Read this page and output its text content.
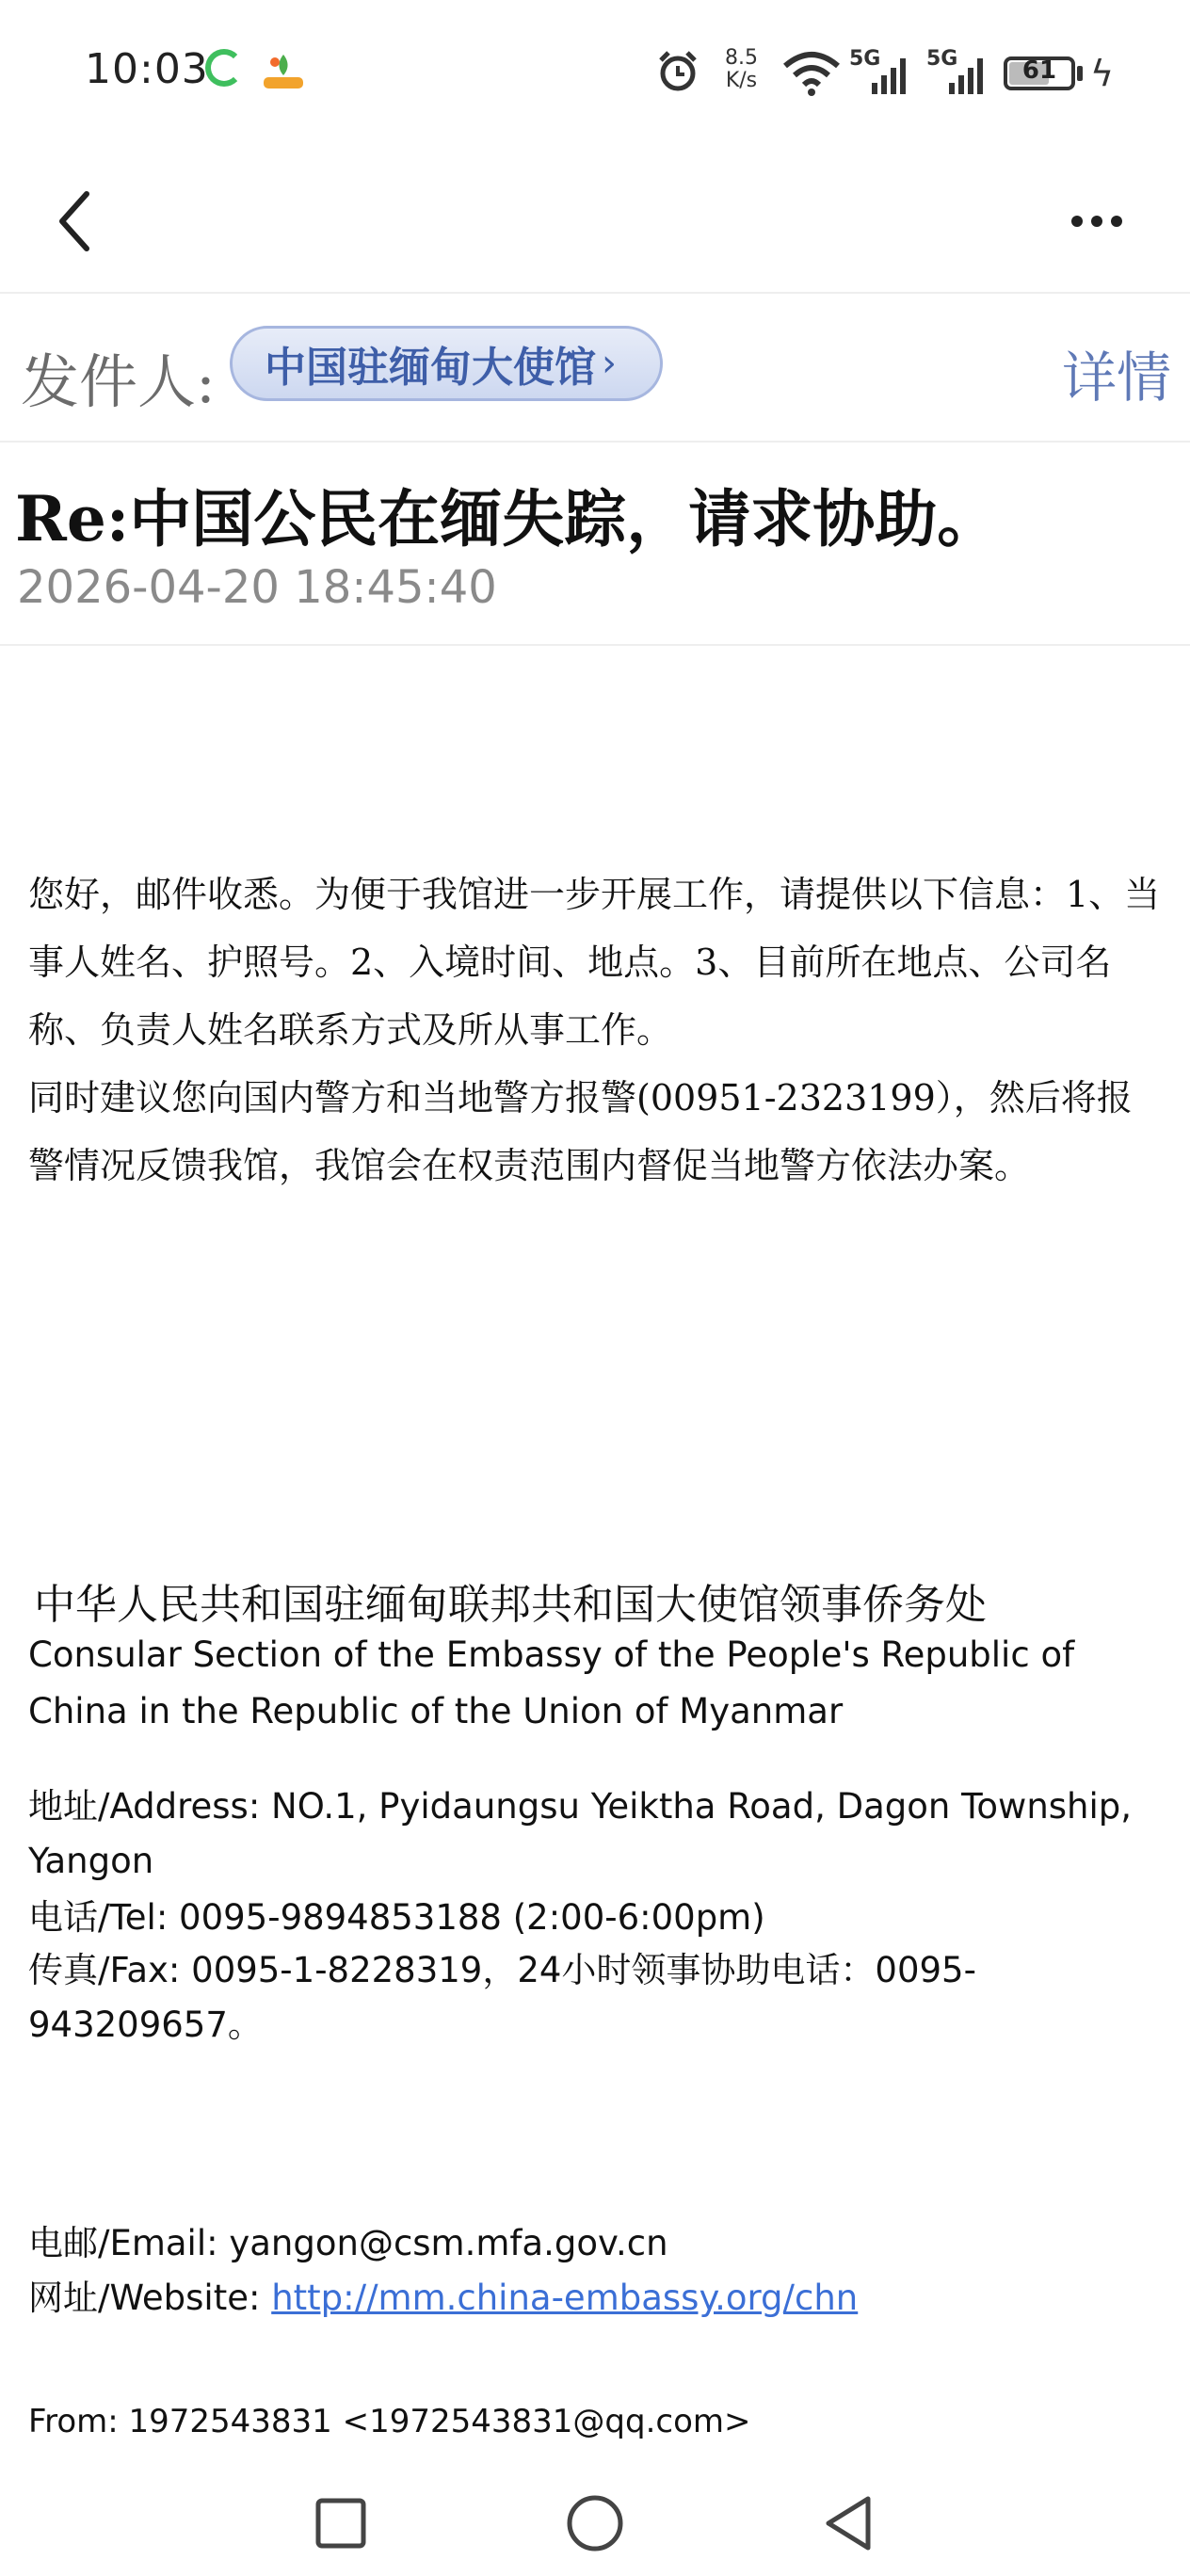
10:03	8.5
K/s
5G 5G	61 ϟ
发件人: 中国驻缅甸大使馆 ›	详情
Re:中国公民在缅失踪，请求协助。
2026-04-20 18:45:40
您好，邮件收悉。为便于我馆进一步开展工作，请提供以下信息：1、当事人姓名、护照号。2、入境时间、地点。3、目前所在地点、公司名称、负责人姓名联系方式及所从事工作。
同时建议您向国内警方和当地警方报警(00951-2323199），然后将报警情况反馈我馆，我馆会在权责范围内督促当地警方依法办案。
中华人民共和国驻缅甸联邦共和国大使馆领事侨务处
Consular Section of the Embassy of the People's Republic of China in the Republic of the Union of Myanmar
地址/Address: NO.1, Pyidaungsu Yeiktha Road, Dagon Township, Yangon
电话/Tel: 0095-9894853188 (2:00-6:00pm)
传真/Fax: 0095-1-8228319，24小时领事协助电话：0095-943209657。
电邮/Email: yangon@csm.mfa.gov.cn
网址/Website: http://mm.china-embassy.org/chn
From: 1972543831 <1972543831@qq.com>
